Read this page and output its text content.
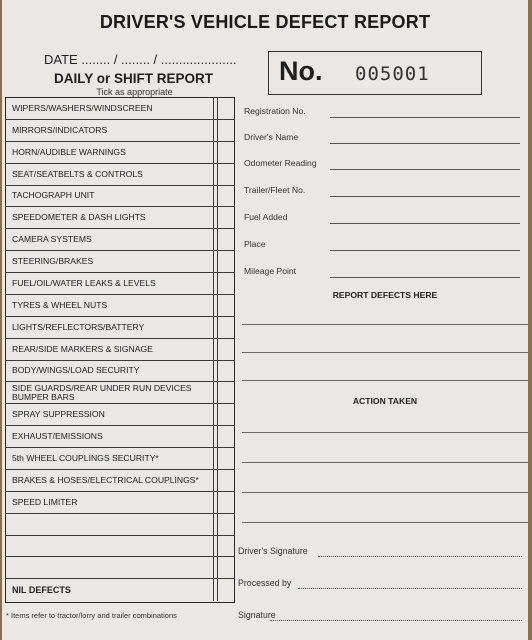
DRIVER'S VEHICLE DEFECT REPORT
DATE ........ / ........ / .....................
DAILY or SHIFT REPORT
Tick as appropriate
No. 005001
WIPERS/WASHERS/WINDSCREEN
MIRRORS/INDICATORS
HORN/AUDIBLE WARNINGS
SEAT/SEATBELTS & CONTROLS
TACHOGRAPH UNIT
SPEEDOMETER & DASH LIGHTS
CAMERA SYSTEMS
STEERING/BRAKES
FUEL/OIL/WATER LEAKS & LEVELS
TYRES & WHEEL NUTS
LIGHTS/REFLECTORS/BATTERY
REAR/SIDE MARKERS & SIGNAGE
BODY/WINGS/LOAD SECURITY
SIDE GUARDS/REAR UNDER RUN DEVICES
BUMPER BARS
SPRAY SUPPRESSION
EXHAUST/EMISSIONS
5th WHEEL COUPLINGS SECURITY*
BRAKES & HOSES/ELECTRICAL COUPLINGS*
SPEED LIMITER
NIL DEFECTS
* Items refer to tractor/lorry and trailer combinations
Registration No.
Driver's Name
Odometer Reading
Trailer/Fleet No.
Fuel Added
Place
Mileage Point
REPORT DEFECTS HERE
ACTION TAKEN
Driver's Signature
Processed by
Signature
